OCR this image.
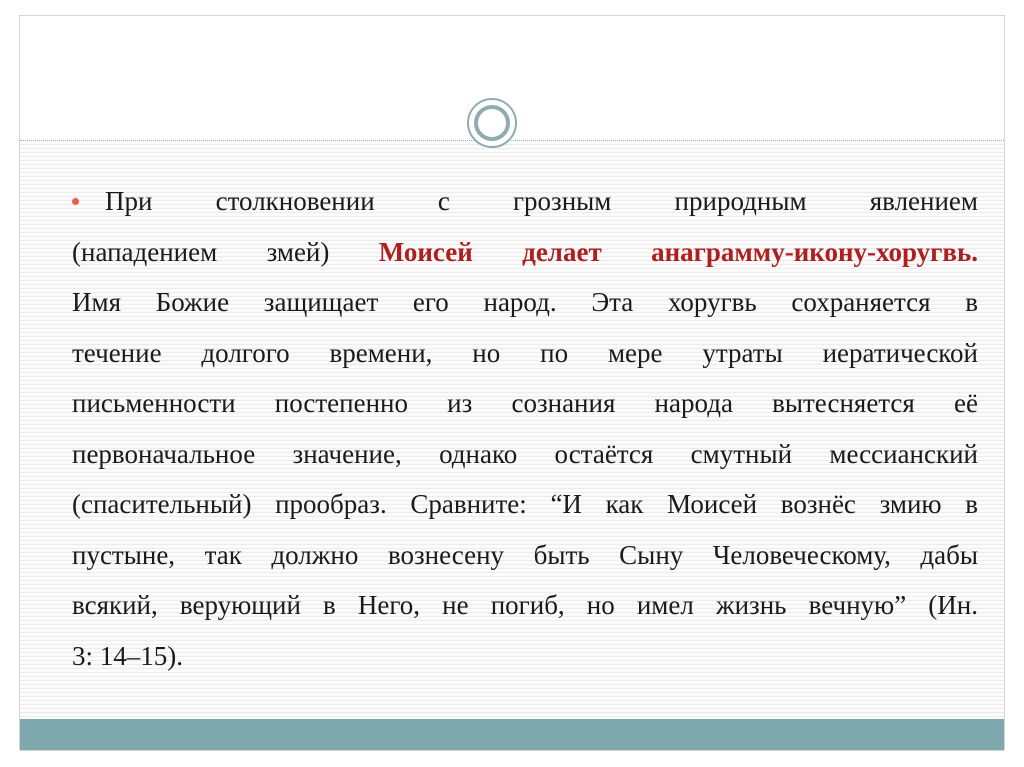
При столкновении с грозным природным явлением
(нападением змей) Моисей делает анаграмму-икону-хоругвь.
Имя Божие защищает его народ. Эта хоругвь сохраняется в
течение долгого времени, но по мере утраты иератической
письменности постепенно из сознания народа вытесняется её
первоначальное значение, однако остаётся смутный мессианский
(спасительный) прообраз. Сравните: “И как Моисей вознёс змию в
пустыне, так должно вознесену быть Сыну Человеческому, дабы
всякий, верующий в Него, не погиб, но имел жизнь вечную” (Ин.
3: 14–15).
